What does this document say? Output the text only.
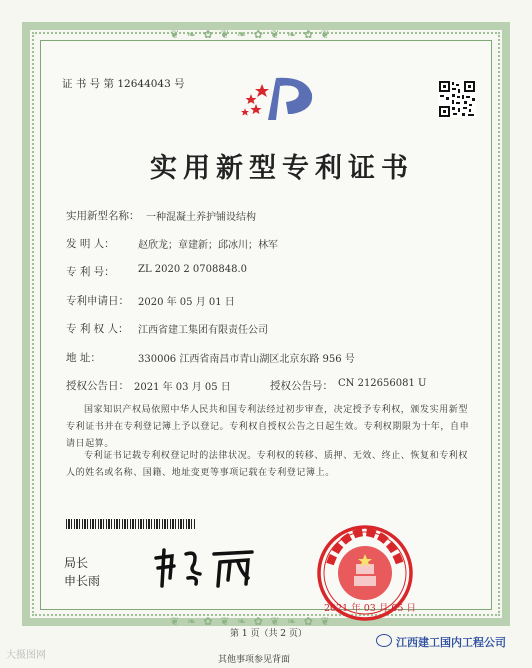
❦ ❧ ✿ ❦ ❧ ✿ ❦ ❧ ✿ ❦
❦ ❧ ✿ ❦ ❧ ✿ ❦ ❧ ✿ ❦
证 书 号 第 12644043 号
实用新型专利证书
实用新型名称： 一种混凝土养护铺设结构
发 明 人： 赵欣龙；章建新；邱冰川；林军
专 利 号： ZL 2020 2 0708848.0
专利申请日： 2020 年 05 月 01 日
专 利 权 人： 江西省建工集团有限责任公司
地 址：	330006 江西省南昌市青山湖区北京东路 956 号
授权公告日： 2021 年 03 月 05 日	授权公告号： CN 212656081 U
国家知识产权局依照中华人民共和国专利法经过初步审查，决定授予专利权，颁发实用新型专利证书并在专利登记簿上予以登记。专利权自授权公告之日起生效。专利权期限为十年，自申请日起算。
专利证书记载专利权登记时的法律状况。专利权的转移、质押、无效、终止、恢复和专利权人的姓名或名称、国籍、地址变更等事项记载在专利登记簿上。
局长
申长雨
2021 年 03 月 05 日
第 1 页（共 2 页）
其他事项参见背面
大摄图网
江西建工国内工程公司
